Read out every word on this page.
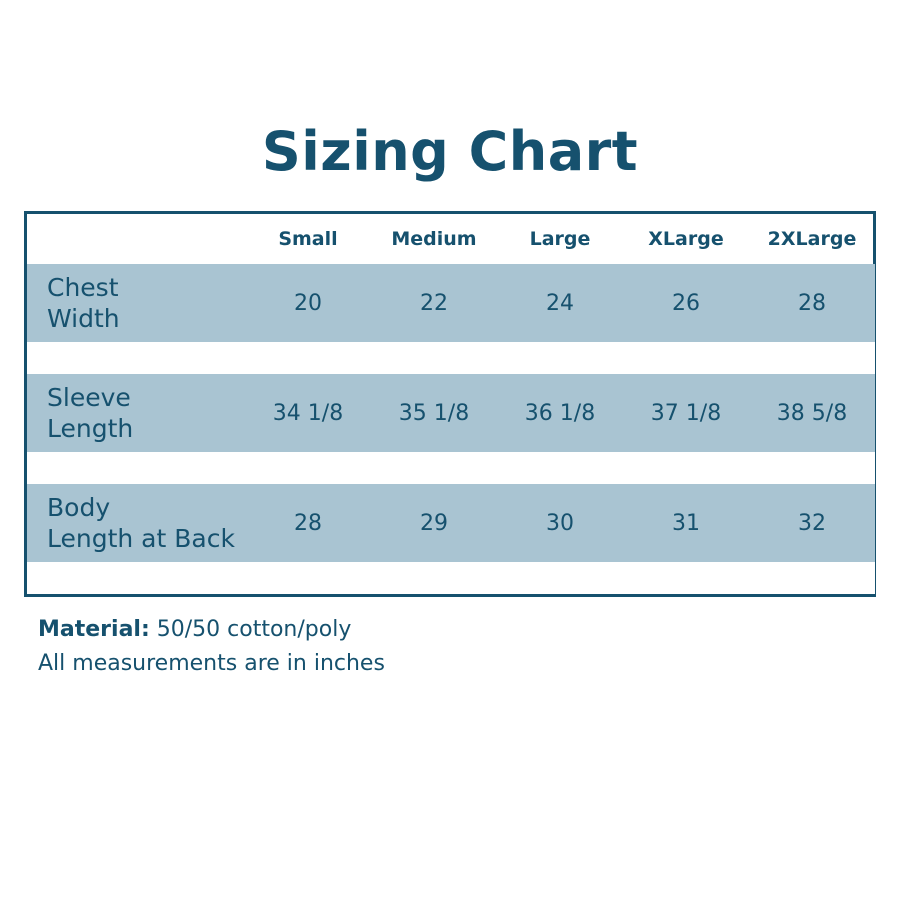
Sizing Chart
	Small	Medium	Large	XLarge	2XLarge
Chest
Width	20	22	24	26	28

Sleeve
Length	34 1/8	35 1/8	36 1/8	37 1/8	38 5/8

Body
Length at Back	28	29	30	31	32

Material: 50/50 cotton/poly
All measurements are in inches
